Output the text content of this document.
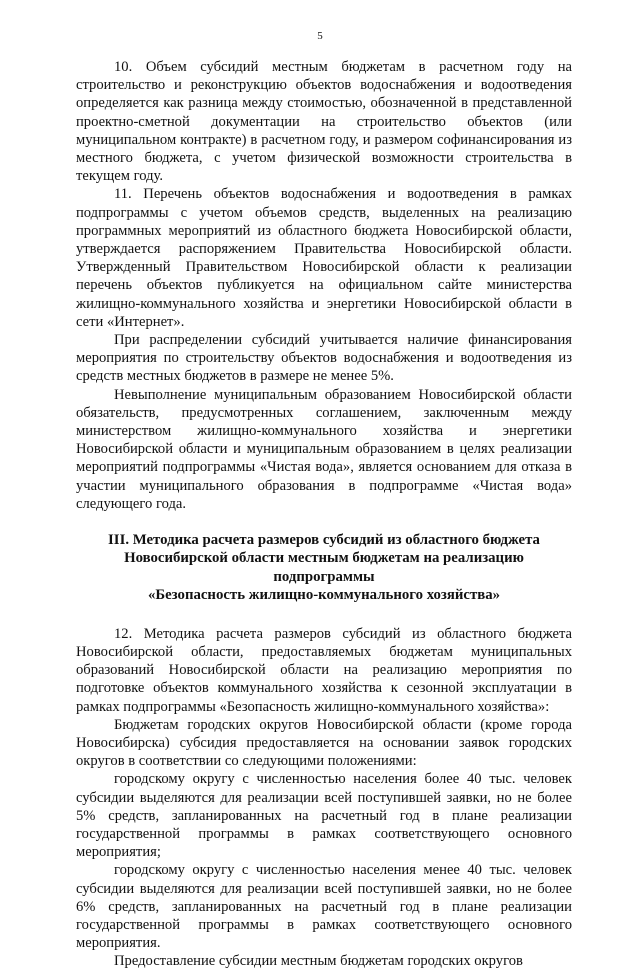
5

10. Объем субсидий местным бюджетам в расчетном году на строительство и реконструкцию объектов водоснабжения и водоотведения определяется как разница между стоимостью, обозначенной в представленной проектно-сметной документации на строительство объектов (или муниципальном контракте) в расчетном году, и размером софинансирования из местного бюджета, с учетом физической возможности строительства в текущем году.

11. Перечень объектов водоснабжения и водоотведения в рамках подпрограммы с учетом объемов средств, выделенных на реализацию программных мероприятий из областного бюджета Новосибирской области, утверждается распоряжением Правительства Новосибирской области. Утвержденный Правительством Новосибирской области к реализации перечень объектов публикуется на официальном сайте министерства жилищно-коммунального хозяйства и энергетики Новосибирской области в сети «Интернет».

При распределении субсидий учитывается наличие финансирования мероприятия по строительству объектов водоснабжения и водоотведения из средств местных бюджетов в размере не менее 5%.

Невыполнение муниципальным образованием Новосибирской области обязательств, предусмотренных соглашением, заключенным между министерством жилищно-коммунального хозяйства и энергетики Новосибирской области и муниципальным образованием в целях реализации мероприятий подпрограммы «Чистая вода», является основанием для отказа в участии муниципального образования в подпрограмме «Чистая вода» следующего года.

III. Методика расчета размеров субсидий из областного бюджета
Новосибирской области местным бюджетам на реализацию подпрограммы
«Безопасность жилищно-коммунального хозяйства»

12. Методика расчета размеров субсидий из областного бюджета Новосибирской области, предоставляемых бюджетам муниципальных образований Новосибирской области на реализацию мероприятия по подготовке объектов коммунального хозяйства к сезонной эксплуатации в рамках подпрограммы «Безопасность жилищно-коммунального хозяйства»:

Бюджетам городских округов Новосибирской области (кроме города Новосибирска) субсидия предоставляется на основании заявок городских округов в соответствии со следующими положениями:

городскому округу с численностью населения более 40 тыс. человек субсидии выделяются для реализации всей поступившей заявки, но не более 5% средств, запланированных на расчетный год в плане реализации государственной программы в рамках соответствующего основного мероприятия;

городскому округу с численностью населения менее 40 тыс. человек субсидии выделяются для реализации всей поступившей заявки, но не более 6% средств, запланированных на расчетный год в плане реализации государственной программы в рамках соответствующего основного мероприятия.

Предоставление субсидии местным бюджетам городских округов
